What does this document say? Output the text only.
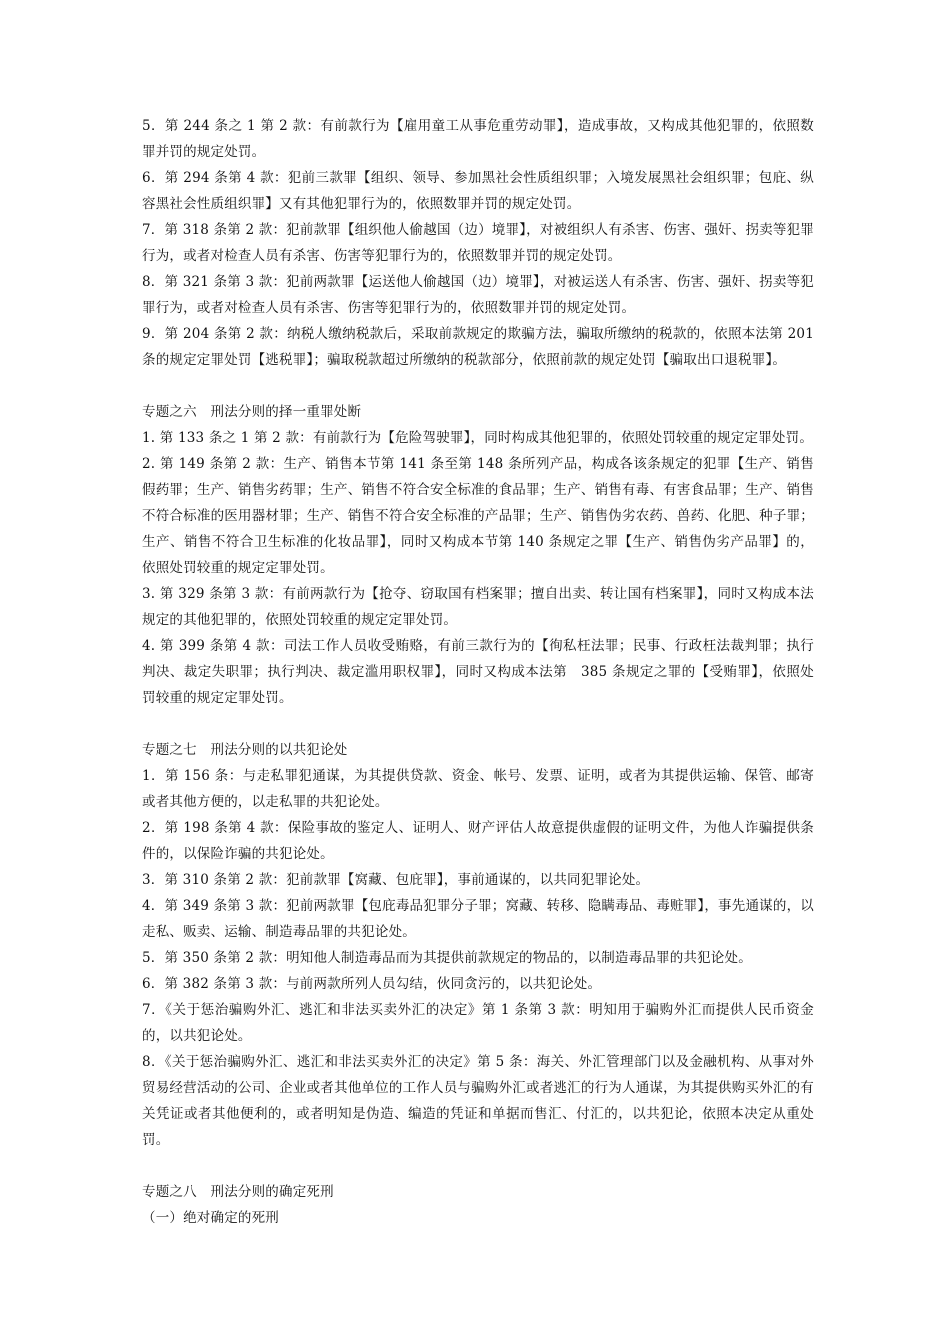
5．第 244 条之 1 第 2 款：有前款行为【雇用童工从事危重劳动罪】，造成事故，又构成其他犯罪的，依照数罪并罚的规定处罚。

6．第 294 条第 4 款：犯前三款罪【组织、领导、参加黑社会性质组织罪；入境发展黑社会组织罪；包庇、纵容黑社会性质组织罪】又有其他犯罪行为的，依照数罪并罚的规定处罚。

7．第 318 条第 2 款：犯前款罪【组织他人偷越国（边）境罪】，对被组织人有杀害、伤害、强奸、拐卖等犯罪行为，或者对检查人员有杀害、伤害等犯罪行为的，依照数罪并罚的规定处罚。

8．第 321 条第 3 款：犯前两款罪【运送他人偷越国（边）境罪】，对被运送人有杀害、伤害、强奸、拐卖等犯罪行为，或者对检查人员有杀害、伤害等犯罪行为的，依照数罪并罚的规定处罚。

9．第 204 条第 2 款：纳税人缴纳税款后，采取前款规定的欺骗方法，骗取所缴纳的税款的，依照本法第 201 条的规定定罪处罚【逃税罪】；骗取税款超过所缴纳的税款部分，依照前款的规定处罚【骗取出口退税罪】。

专题之六　刑法分则的择一重罪处断

1. 第 133 条之 1 第 2 款：有前款行为【危险驾驶罪】，同时构成其他犯罪的，依照处罚较重的规定定罪处罚。

2. 第 149 条第 2 款：生产、销售本节第 141 条至第 148 条所列产品，构成各该条规定的犯罪【生产、销售假药罪；生产、销售劣药罪；生产、销售不符合安全标准的食品罪；生产、销售有毒、有害食品罪；生产、销售不符合标准的医用器材罪；生产、销售不符合安全标准的产品罪；生产、销售伪劣农药、兽药、化肥、种子罪；生产、销售不符合卫生标准的化妆品罪】，同时又构成本节第 140 条规定之罪【生产、销售伪劣产品罪】的，依照处罚较重的规定定罪处罚。

3. 第 329 条第 3 款：有前两款行为【抢夺、窃取国有档案罪；擅自出卖、转让国有档案罪】，同时又构成本法规定的其他犯罪的，依照处罚较重的规定定罪处罚。

4. 第 399 条第 4 款：司法工作人员收受贿赂，有前三款行为的【徇私枉法罪；民事、行政枉法裁判罪；执行判决、裁定失职罪；执行判决、裁定滥用职权罪】，同时又构成本法第　385 条规定之罪的【受贿罪】，依照处罚较重的规定定罪处罚。

专题之七　刑法分则的以共犯论处

1．第 156 条：与走私罪犯通谋，为其提供贷款、资金、帐号、发票、证明，或者为其提供运输、保管、邮寄或者其他方便的，以走私罪的共犯论处。

2．第 198 条第 4 款：保险事故的鉴定人、证明人、财产评估人故意提供虚假的证明文件，为他人诈骗提供条件的，以保险诈骗的共犯论处。

3．第 310 条第 2 款：犯前款罪【窝藏、包庇罪】，事前通谋的，以共同犯罪论处。

4．第 349 条第 3 款：犯前两款罪【包庇毒品犯罪分子罪；窝藏、转移、隐瞒毒品、毒赃罪】，事先通谋的，以走私、贩卖、运输、制造毒品罪的共犯论处。

5．第 350 条第 2 款：明知他人制造毒品而为其提供前款规定的物品的，以制造毒品罪的共犯论处。

6．第 382 条第 3 款：与前两款所列人员勾结，伙同贪污的，以共犯论处。

7．《关于惩治骗购外汇、逃汇和非法买卖外汇的决定》第 1 条第 3 款：明知用于骗购外汇而提供人民币资金的，以共犯论处。

8．《关于惩治骗购外汇、逃汇和非法买卖外汇的决定》第 5 条：海关、外汇管理部门以及金融机构、从事对外贸易经营活动的公司、企业或者其他单位的工作人员与骗购外汇或者逃汇的行为人通谋，为其提供购买外汇的有关凭证或者其他便利的，或者明知是伪造、编造的凭证和单据而售汇、付汇的，以共犯论，依照本决定从重处罚。

专题之八　刑法分则的确定死刑

（一）绝对确定的死刑
